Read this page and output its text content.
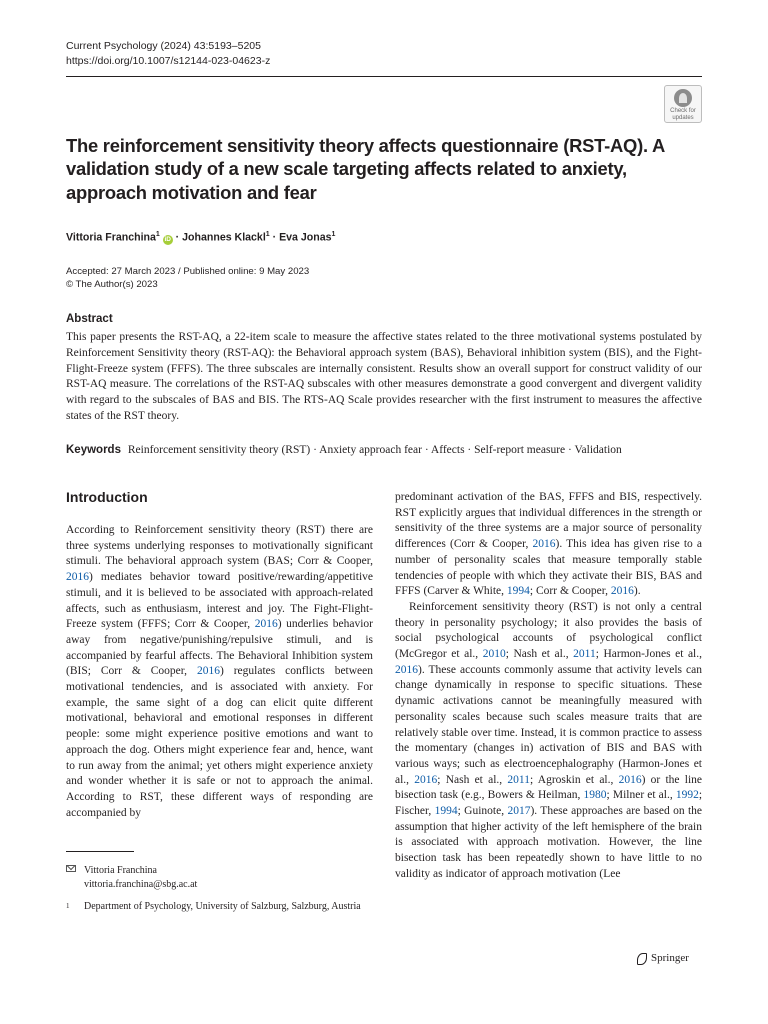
Current Psychology (2024) 43:5193–5205
https://doi.org/10.1007/s12144-023-04623-z
Check for
updates
The reinforcement sensitivity theory affects questionnaire (RST-AQ). A validation study of a new scale targeting affects related to anxiety, approach motivation and fear
Vittoria Franchina$^1$ iD · Johannes Klackl$^1$ · Eva Jonas$^1$
Accepted: 27 March 2023 / Published online: 9 May 2023
© The Author(s) 2023
Abstract

This paper presents the RST-AQ, a 22-item scale to measure the affective states related to the three motivational systems postulated by Reinforcement Sensitivity theory (RST-AQ): the Behavioral approach system (BAS), Behavioral inhibition system (BIS), and the Fight-Flight-Freeze system (FFFS). The three subscales are internally consistent. Results show an overall support for construct validity of our RST-AQ measure. The correlations of the RST-AQ subscales with other measures demonstrate a good convergent and divergent validity with regard to the subscales of BAS and BIS. The RTS-AQ Scale provides researcher with the first instrument to measures the affective states of the RST theory.

Keywords Reinforcement sensitivity theory (RST) · Anxiety approach fear · Affects · Self-report measure · Validation
Introduction

According to Reinforcement sensitivity theory (RST) there are three systems underlying responses to motivationally significant stimuli. The behavioral approach system (BAS; Corr & Cooper, 2016) mediates behavior toward positive/rewarding/appetitive stimuli, and it is believed to be associated with approach-related affects, such as enthusiasm, interest and joy. The Fight-Flight-Freeze system (FFFS; Corr & Cooper, 2016) underlies behavior away from negative/punishing/repulsive stimuli, and is accompanied by fearful affects. The Behavioral Inhibition system (BIS; Corr & Cooper, 2016) regulates conflicts between motivational tendencies, and is associated with anxiety. For example, the same sight of a dog can elicit quite different motivational, behavioral and emotional responses in different people: some might experience positive emotions and want to approach the dog. Others might experience fear and, hence, want to run away from the animal; yet others might experience anxiety and wonder whether it is safe or not to approach the animal. According to RST, these different ways of responding are accompanied by

predominant activation of the BAS, FFFS and BIS, respectively. RST explicitly argues that individual differences in the strength or sensitivity of the three systems are a major source of personality differences (Corr & Cooper, 2016). This idea has given rise to a number of personality scales that measure temporally stable tendencies of people with which they activate their BIS, BAS and FFFS (Carver & White, 1994; Corr & Cooper, 2016).

Reinforcement sensitivity theory (RST) is not only a central theory in personality psychology; it also provides the basis of social psychological accounts of psychological conflict (McGregor et al., 2010; Nash et al., 2011; Harmon-Jones et al., 2016). These accounts commonly assume that activity levels can change dynamically in response to specific situations. These dynamic activations cannot be meaningfully measured with personality scales because such scales measure traits that are relatively stable over time. Instead, it is common practice to assess the momentary (changes in) activation of BIS and BAS with various ways; such as electroencephalography (Harmon-Jones et al., 2016; Nash et al., 2011; Agroskin et al., 2016) or the line bisection task (e.g., Bowers & Heilman, 1980; Milner et al., 1992; Fischer, 1994; Guinote, 2017). These approaches are based on the assumption that higher activity of the left hemisphere of the brain is associated with approach motivation. However, the line bisection task has been repeatedly shown to have little to no validity as indicator of approach motivation (Lee

Vittoria Franchina
vittoria.franchina@sbg.ac.at
$^1$	Department of Psychology, University of Salzburg, Salzburg, Austria
Springer
